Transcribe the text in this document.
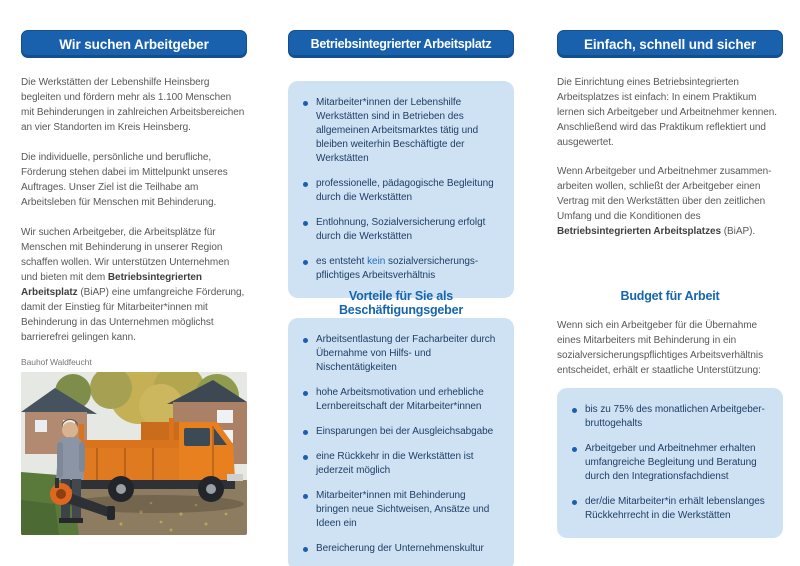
Wir suchen Arbeitgeber

Die Werkstätten der Lebenshilfe Heinsberg begleiten und fördern mehr als 1.100 Menschen mit Behinderungen in zahlreichen Arbeitsbereichen an vier Standorten im Kreis Heinsberg.

Die individuelle, persönliche und berufliche, Förderung stehen dabei im Mittelpunkt unseres Auftrages. Unser Ziel ist die Teilhabe am Arbeitsleben für Menschen mit Behinderung.

Wir suchen Arbeitgeber, die Arbeitsplätze für Menschen mit Behinderung in unserer Region schaffen wollen. Wir unterstützen Unternehmen und bieten mit dem Betriebsintegrierten Arbeitsplatz (BiAP) eine umfangreiche Förderung, damit der Einstieg für Mitarbeiter*innen mit Behinderung in das Unternehmen möglichst barrierefrei gelingen kann.

Bauhof Waldfeucht

Betriebsintegrierter Arbeitsplatz
Mitarbeiter*innen der Lebenshilfe Werkstätten sind in Betrieben des allgemeinen Arbeitsmarktes tätig und bleiben weiterhin Beschäftigte der Werkstätten
professionelle, pädagogische Begleitung durch die Werkstätten
Entlohnung, Sozialversicherung erfolgt durch die Werkstätten
es entsteht kein sozialversicherungs-pflichtiges Arbeitsverhältnis
Vorteile für Sie als Beschäftigungsgeber
Arbeitsentlastung der Facharbeiter durch Übernahme von Hilfs- und Nischentätigkeiten
hohe Arbeitsmotivation und erhebliche Lernbereitschaft der Mitarbeiter*innen
Einsparungen bei der Ausgleichsabgabe
eine Rückkehr in die Werkstätten ist jederzeit möglich
Mitarbeiter*innen mit Behinderung bringen neue Sichtweisen, Ansätze und Ideen ein
Bereicherung der Unternehmenskultur
Einfach, schnell und sicher

Die Einrichtung eines Betriebsintegrierten Arbeitsplatzes ist einfach: In einem Praktikum lernen sich Arbeitgeber und Arbeitnehmer kennen. Anschließend wird das Praktikum reflektiert und ausgewertet.

Wenn Arbeitgeber und Arbeitnehmer zusammen-arbeiten wollen, schließt der Arbeitgeber einen Vertrag mit den Werkstätten über den zeitlichen Umfang und die Konditionen des Betriebsintegrierten Arbeitsplatzes (BiAP).

Budget für Arbeit

Wenn sich ein Arbeitgeber für die Übernahme eines Mitarbeiters mit Behinderung in ein sozialversicherungspflichtiges Arbeitsverhältnis entscheidet, erhält er staatliche Unterstützung:

bis zu 75% des monatlichen Arbeitgeber-bruttogehalts
Arbeitgeber und Arbeitnehmer erhalten umfangreiche Begleitung und Beratung durch den Integrationsfachdienst
der/die Mitarbeiter*in erhält lebenslanges Rückkehrrecht in die Werkstätten
